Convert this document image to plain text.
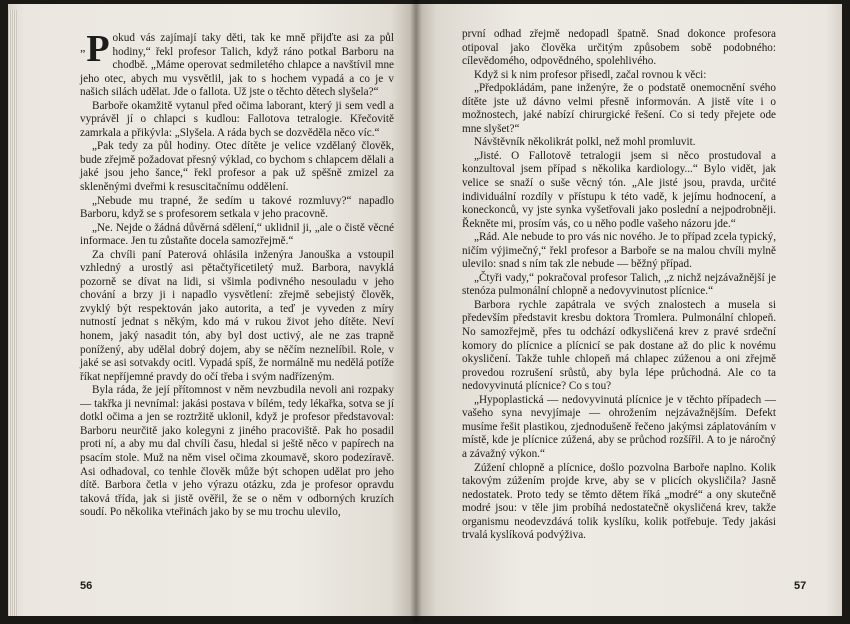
„ P okud vás zajímají taky děti, tak ke mně přijďte asi za půl hodiny,“ řekl profesor Talich, když ráno potkal Barboru na chodbě. „Máme operovat sedmiletého chlapce a navštívil mne jeho otec, abych mu vysvětlil, jak to s hochem vypadá a co je v našich silách udělat. Jde o fallota. Už jste o těchto dětech slyšela?“

Barboře okamžitě vytanul před očima laborant, který ji sem vedl a vyprávěl jí o chlapci s kudlou: Fallotova tetralogie. Křečovitě zamrkala a přikývla: „Slyšela. A ráda bych se dozvěděla něco víc.“

„Pak tedy za půl hodiny. Otec dítěte je velice vzdělaný člověk, bude zřejmě požadovat přesný výklad, co bychom s chlapcem dělali a jaké jsou jeho šance,“ řekl profesor a pak už spěšně zmizel za skleněnými dveřmi k resuscitačnímu oddělení.

„Nebude mu trapné, že sedím u takové rozmluvy?“ napadlo Barboru, když se s profesorem setkala v jeho pracovně.

„Ne. Nejde o žádná důvěrná sdělení,“ uklidnil ji, „ale o čistě věcné informace. Jen tu zůstaňte docela samozřejmě.“

Za chvíli paní Paterová ohlásila inženýra Janouška a vstoupil vzhledný a urostlý asi pětačtyřicetiletý muž. Barbora, navyklá pozorně se dívat na lidi, si všimla podivného nesouladu v jeho chování a brzy ji i napadlo vysvětlení: zřejmě sebejistý člověk, zvyklý být respektován jako autorita, a teď je vyveden z míry nutností jednat s někým, kdo má v rukou život jeho dítěte. Neví honem, jaký nasadit tón, aby byl dost uctivý, ale ne zas trapně ponížený, aby udělal dobrý dojem, aby se něčím neznelíbil. Role, v jaké se asi sotvakdy ocitl. Vypadá spíš, že normálně mu nedělá potíže říkat nepříjemné pravdy do očí třeba i svým nadřízeným.

Byla ráda, že její přítomnost v něm nevzbudila nevoli ani rozpaky — takřka ji nevnímal: jakási postava v bílém, tedy lékařka, sotva se jí dotkl očima a jen se roztržitě uklonil, když je profesor představoval: Barboru neurčitě jako kolegyni z jiného pracoviště. Pak ho posadil proti ní, a aby mu dal chvíli času, hledal si ještě něco v papírech na psacím stole. Muž na něm visel očima zkoumavě, skoro podezíravě. Asi odhadoval, co tenhle člověk může být schopen udělat pro jeho dítě. Barbora četla v jeho výrazu otázku, zda je profesor opravdu taková třída, jak si jistě ověřil, že se o něm v odborných kruzích soudí. Po několika vteřinách jako by se mu trochu ulevilo,

56

první odhad zřejmě nedopadl špatně. Snad dokonce profesora otipoval jako člověka určitým způsobem sobě podobného: cílevědomého, odpovědného, spolehlivého.

Když si k nim profesor přisedl, začal rovnou k věci:

„Předpokládám, pane inženýre, že o podstatě onemocnění svého dítěte jste už dávno velmi přesně informován. A jistě víte i o možnostech, jaké nabízí chirurgické řešení. Co si tedy přejete ode mne slyšet?“

Návštěvník několikrát polkl, než mohl promluvit.

„Jisté. O Fallotově tetralogii jsem si něco prostudoval a konzultoval jsem případ s několika kardiology...“ Bylo vidět, jak velice se snaží o suše věcný tón. „Ale jisté jsou, pravda, určité individuální rozdíly v přístupu k této vadě, k jejímu hodnocení, a koneckonců, vy jste synka vyšetřovali jako poslední a nejpodrobněji. Řekněte mi, prosím vás, co u něho podle vašeho názoru jde.“

„Rád. Ale nebude to pro vás nic nového. Je to případ zcela typický, ničím výjimečný,“ řekl profesor a Barboře se na malou chvíli mylně ulevilo: snad s ním tak zle nebude — běžný případ.

„Čtyři vady,“ pokračoval profesor Talich, „z nichž nejzávažnější je stenóza pulmonální chlopně a nedovyvinutost plícnice.“

Barbora rychle zapátrala ve svých znalostech a musela si především představit kresbu doktora Tromlera. Pulmonální chlopeň. No samozřejmě, přes tu odchází odkysličená krev z pravé srdeční komory do plícnice a plícnicí se pak dostane až do plic k novému okysličení. Takže tuhle chlopeň má chlapec zúženou a oni zřejmě provedou rozrušení srůstů, aby byla lépe průchodná. Ale co ta nedovyvinutá plícnice? Co s tou?

„Hypoplastická — nedovyvinutá plícnice je v těchto případech — vašeho syna nevyjímaje — ohrožením nejzávažnějším. Defekt musíme řešit plastikou, zjednodušeně řečeno jakýmsi záplatováním v místě, kde je plícnice zúžená, aby se průchod rozšířil. A to je náročný a závažný výkon.“

Zúžení chlopně a plícnice, došlo pozvolna Barboře naplno. Kolik takovým zúžením projde krve, aby se v plicích okysličila? Jasně nedostatek. Proto tedy se těmto dětem říká „modré“ a ony skutečně modré jsou: v těle jim probíhá nedostatečně okysličená krev, takže organismu neodevzdává tolik kyslíku, kolik potřebuje. Tedy jakási trvalá kyslíková podvýživa.

57
